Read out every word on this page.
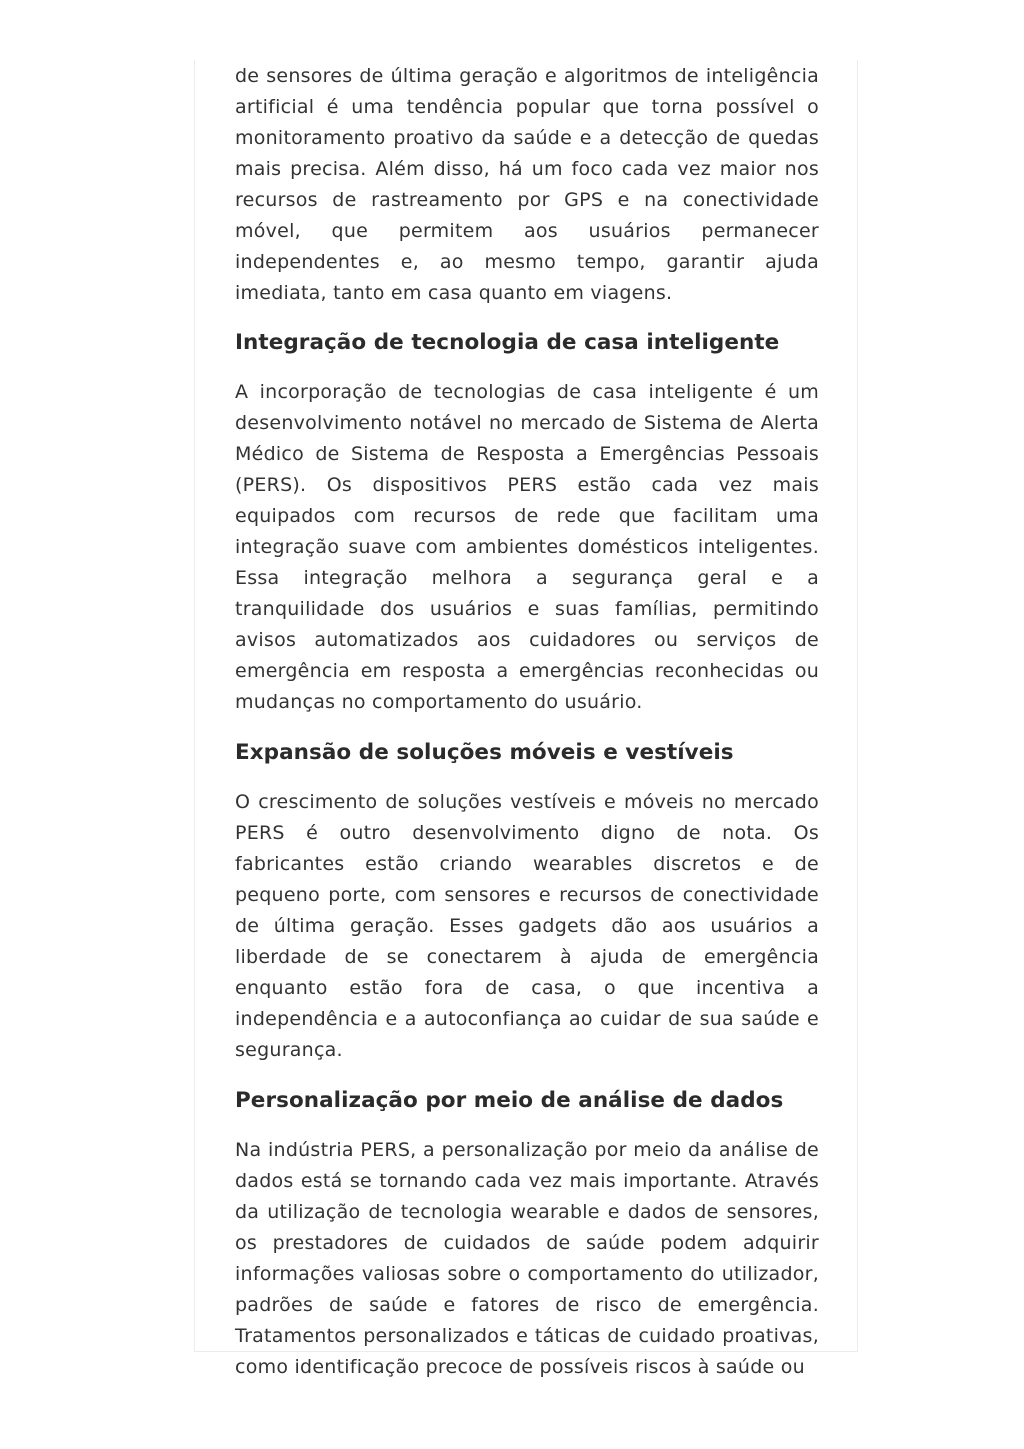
de sensores de última geração e algoritmos de inteligência artificial é uma tendência popular que torna possível o monitoramento proativo da saúde e a detecção de quedas mais precisa. Além disso, há um foco cada vez maior nos recursos de rastreamento por GPS e na conectividade móvel, que permitem aos usuários permanecer independentes e, ao mesmo tempo, garantir ajuda imediata, tanto em casa quanto em viagens.

Integração de tecnologia de casa inteligente

A incorporação de tecnologias de casa inteligente é um desenvolvimento notável no mercado de Sistema de Alerta Médico de Sistema de Resposta a Emergências Pessoais (PERS). Os dispositivos PERS estão cada vez mais equipados com recursos de rede que facilitam uma integração suave com ambientes domésticos inteligentes. Essa integração melhora a segurança geral e a tranquilidade dos usuários e suas famílias, permitindo avisos automatizados aos cuidadores ou serviços de emergência em resposta a emergências reconhecidas ou mudanças no comportamento do usuário.

Expansão de soluções móveis e vestíveis

O crescimento de soluções vestíveis e móveis no mercado PERS é outro desenvolvimento digno de nota. Os fabricantes estão criando wearables discretos e de pequeno porte, com sensores e recursos de conectividade de última geração. Esses gadgets dão aos usuários a liberdade de se conectarem à ajuda de emergência enquanto estão fora de casa, o que incentiva a independência e a autoconfiança ao cuidar de sua saúde e segurança.

Personalização por meio de análise de dados

Na indústria PERS, a personalização por meio da análise de dados está se tornando cada vez mais importante. Através da utilização de tecnologia wearable e dados de sensores, os prestadores de cuidados de saúde podem adquirir informações valiosas sobre o comportamento do utilizador, padrões de saúde e fatores de risco de emergência. Tratamentos personalizados e táticas de cuidado proativas, como identificação precoce de possíveis riscos à saúde ou
